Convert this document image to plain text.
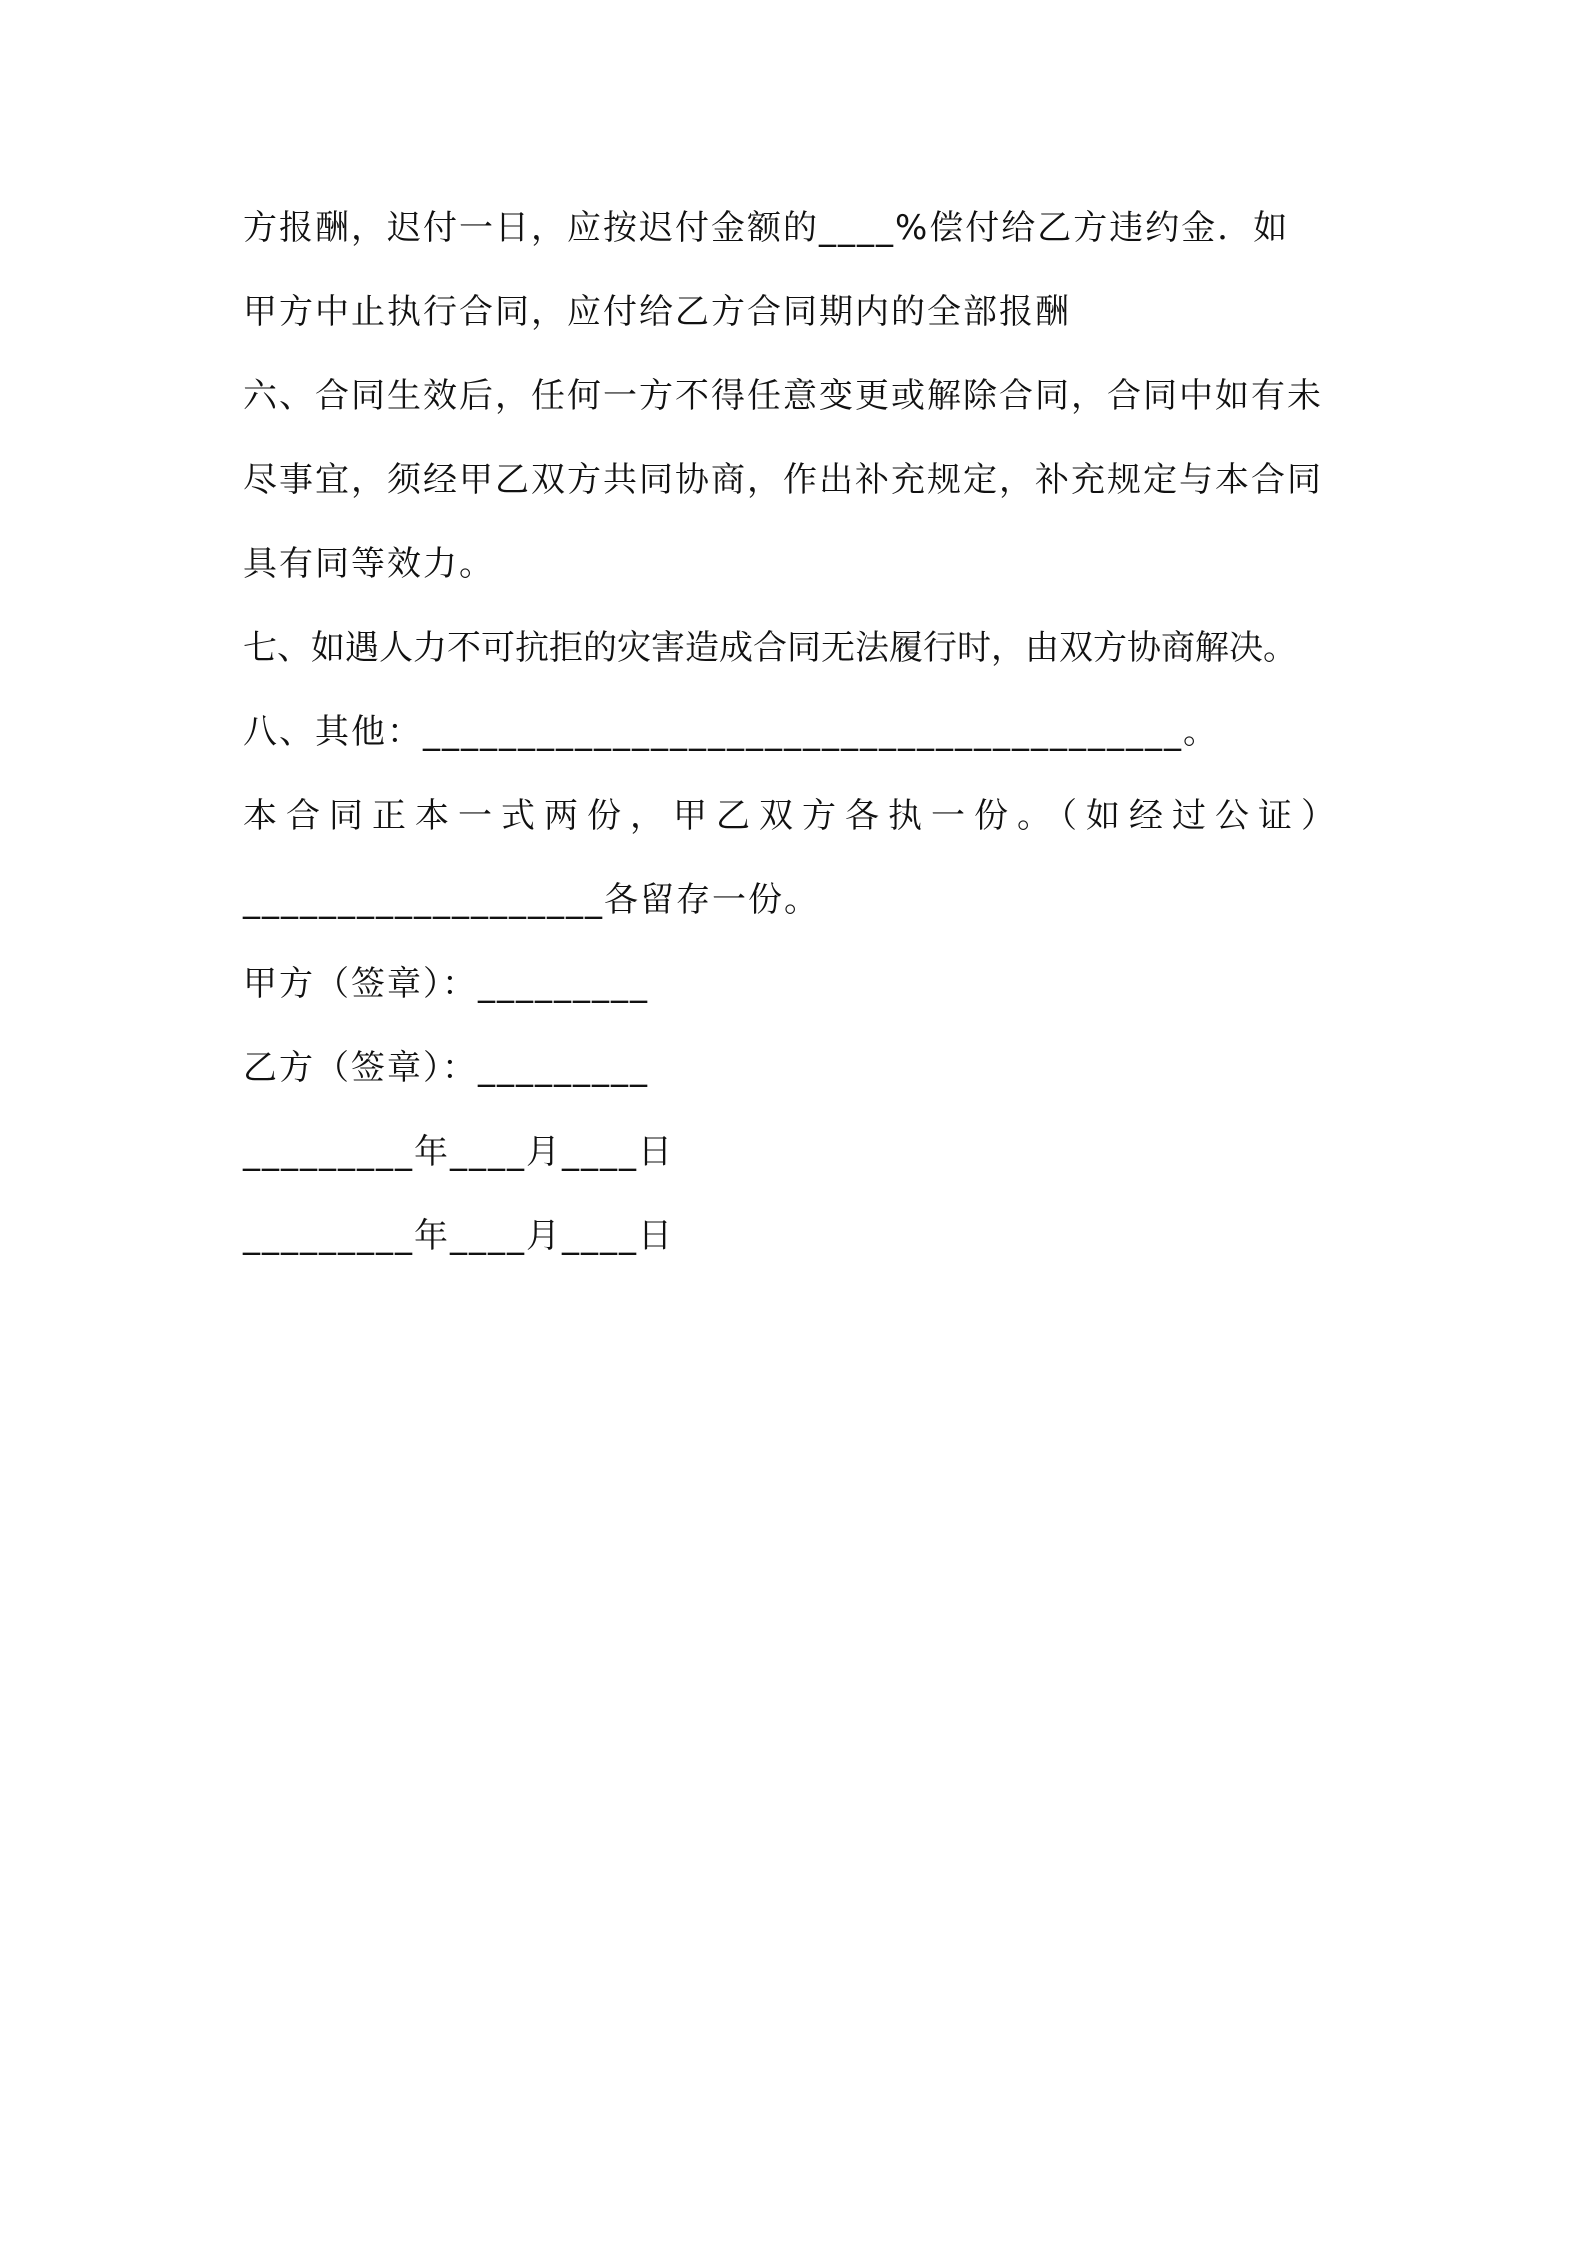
方报酬，迟付一日，应按迟付金额的____%偿付给乙方违约金．如
甲方中止执行合同，应付给乙方合同期内的全部报酬
六、合同生效后，任何一方不得任意变更或解除合同，合同中如有未
尽事宜，须经甲乙双方共同协商，作出补充规定，补充规定与本合同
具有同等效力。
七、如遇人力不可抗拒的灾害造成合同无法履行时，由双方协商解决。
八、其他：________________________________________。
本合同正本一式两份，甲乙双方各执一份。（如经过公证）
___________________各留存一份。
甲方（签章）：_________
乙方（签章）：_________
_________年____月____日
_________年____月____日
